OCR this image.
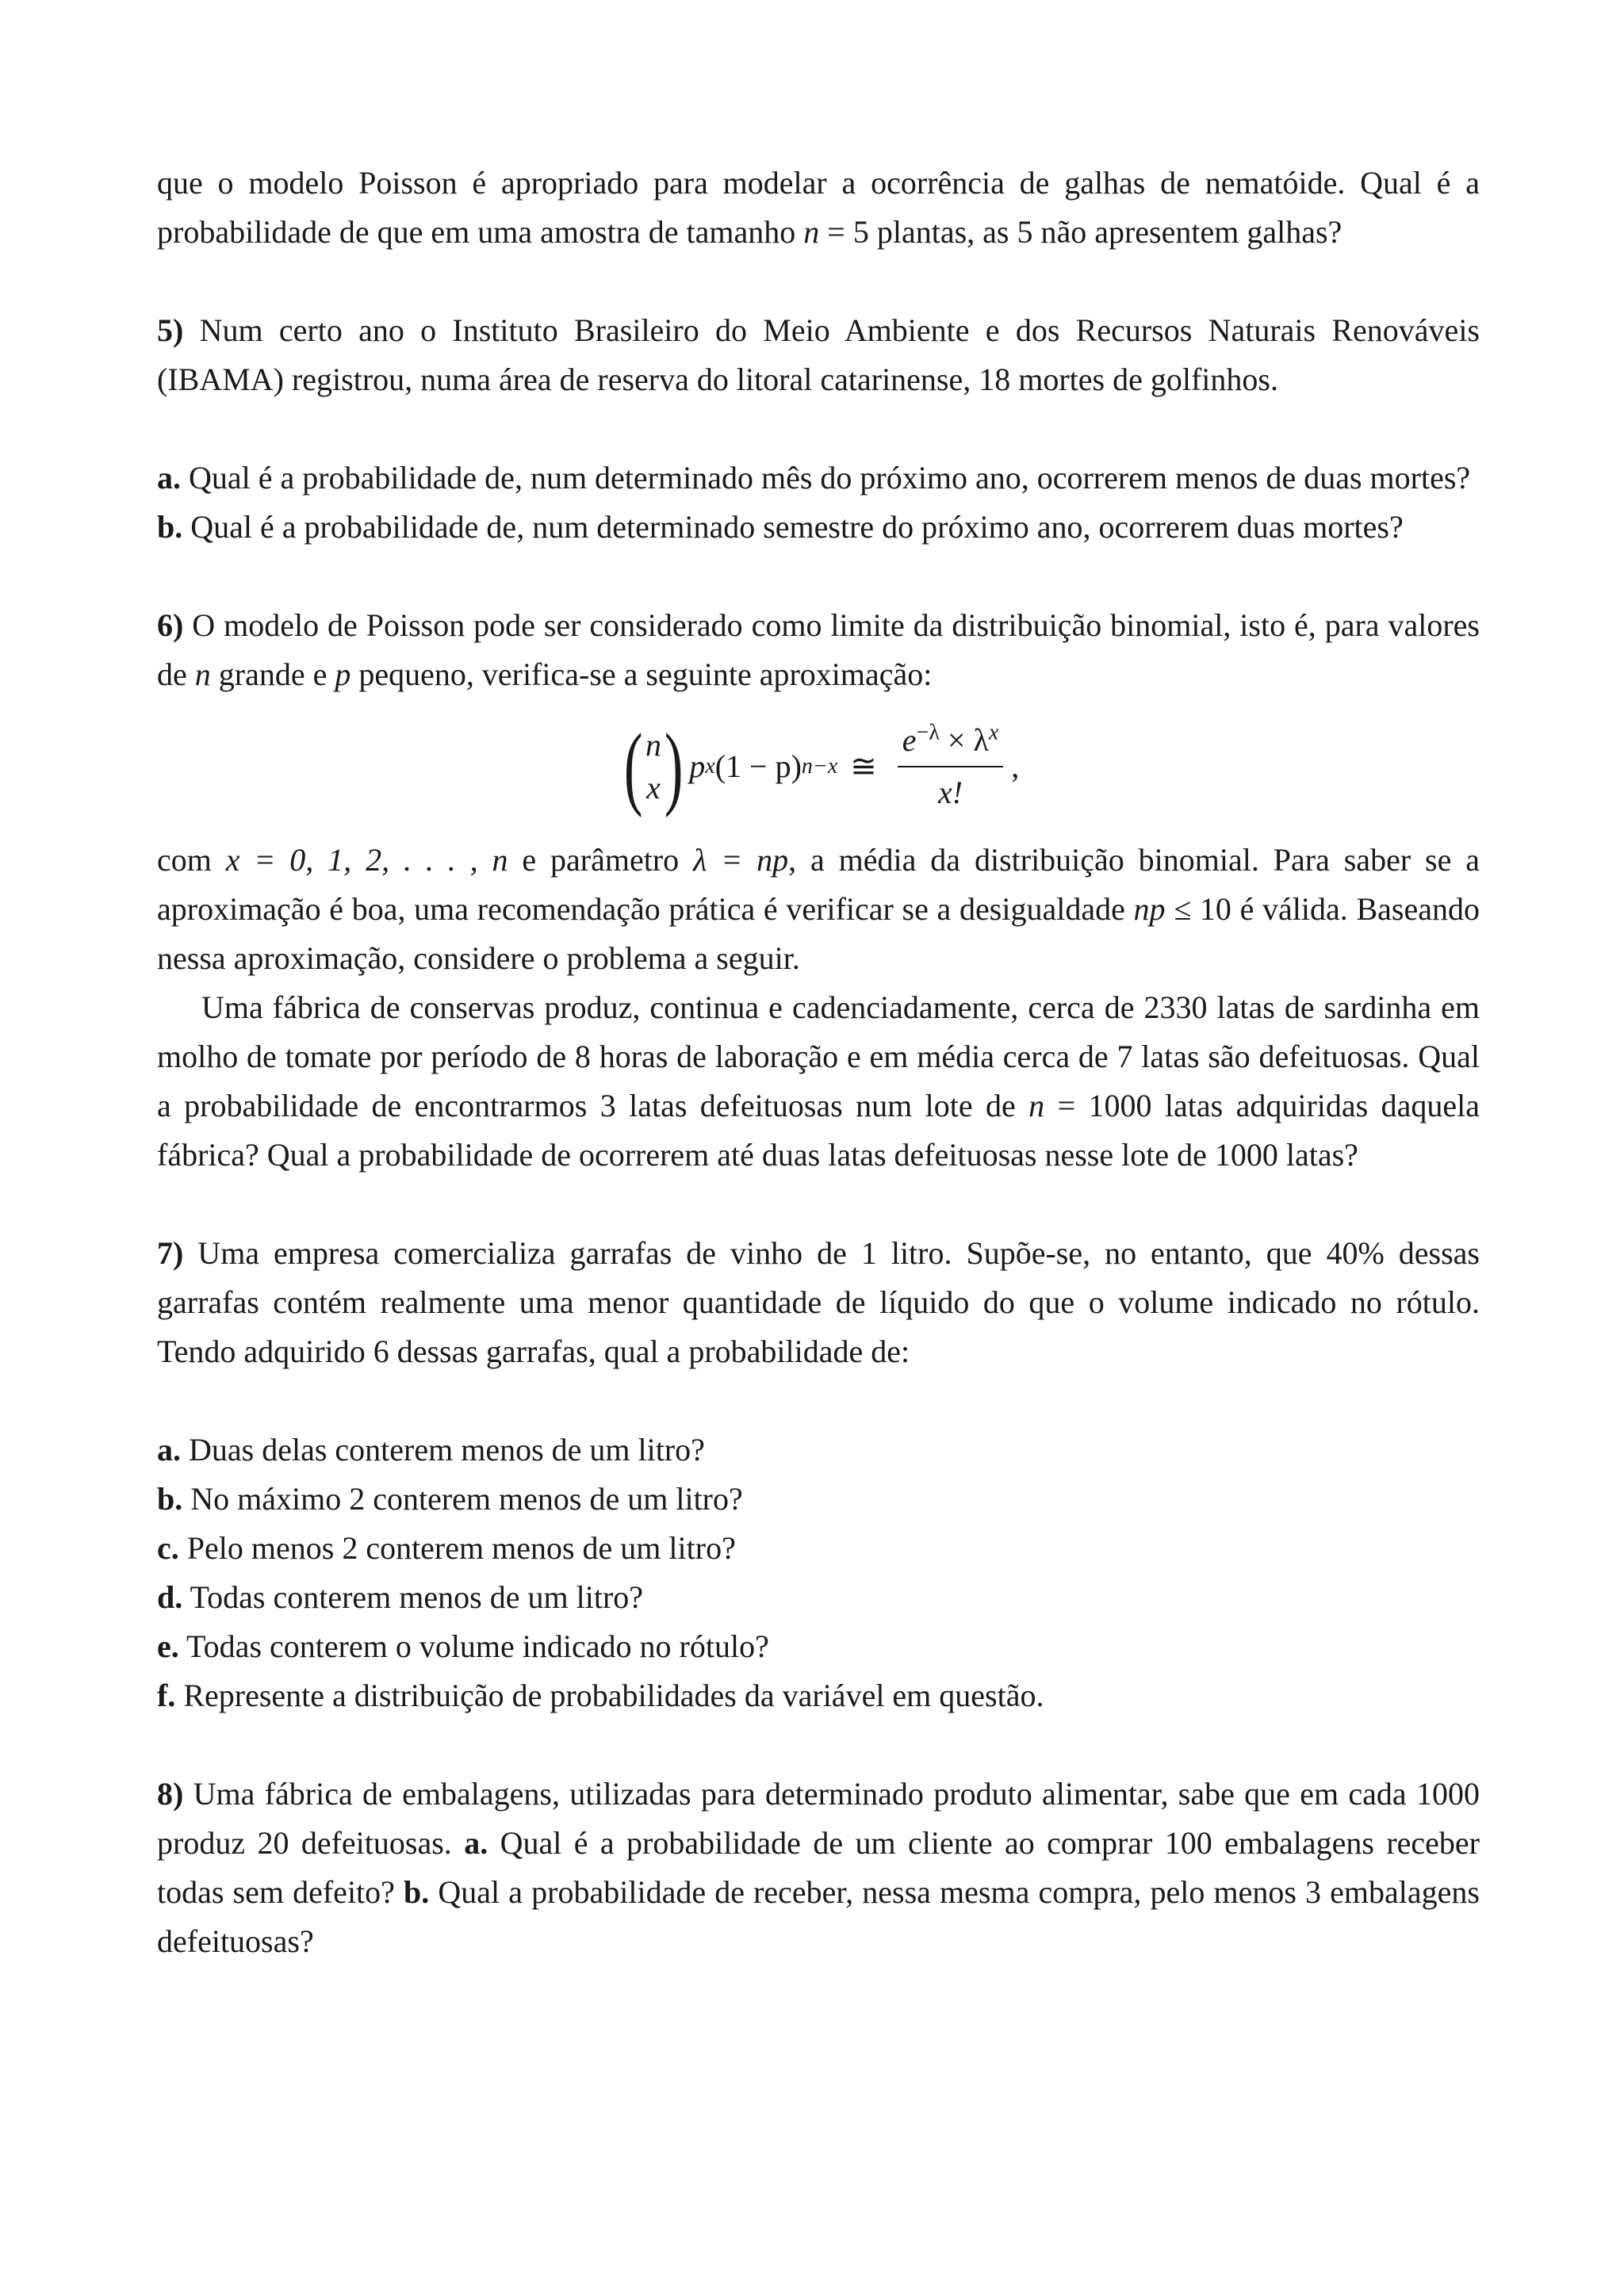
que o modelo Poisson é apropriado para modelar a ocorrência de galhas de nematóide. Qual é a probabilidade de que em uma amostra de tamanho n = 5 plantas, as 5 não apresentem galhas?

5) Num certo ano o Instituto Brasileiro do Meio Ambiente e dos Recursos Naturais Renováveis (IBAMA) registrou, numa área de reserva do litoral catarinense, 18 mortes de golfinhos.

a. Qual é a probabilidade de, num determinado mês do próximo ano, ocorrerem menos de duas mortes?

b. Qual é a probabilidade de, num determinado semestre do próximo ano, ocorrerem duas mortes?

6) O modelo de Poisson pode ser considerado como limite da distribuição binomial, isto é, para valores de n grande e p pequeno, verifica-se a seguinte aproximação:

( n
x ) p x (1 − p) n−x ≅ $\frac{e^{-\lambda} \times \lambda^x}{x!}$ ,

com x = 0, 1, 2, . . . , n e parâmetro λ = np, a média da distribuição binomial. Para saber se a aproximação é boa, uma recomendação prática é verificar se a desigualdade np ≤ 10 é válida. Baseando nessa aproximação, considere o problema a seguir.

Uma fábrica de conservas produz, continua e cadenciadamente, cerca de 2330 latas de sardinha em molho de tomate por período de 8 horas de laboração e em média cerca de 7 latas são defeituosas. Qual a probabilidade de encontrarmos 3 latas defeituosas num lote de n = 1000 latas adquiridas daquela fábrica? Qual a probabilidade de ocorrerem até duas latas defeituosas nesse lote de 1000 latas?

7) Uma empresa comercializa garrafas de vinho de 1 litro. Supõe-se, no entanto, que 40% dessas garrafas contém realmente uma menor quantidade de líquido do que o volume indicado no rótulo. Tendo adquirido 6 dessas garrafas, qual a probabilidade de:

a. Duas delas conterem menos de um litro?

b. No máximo 2 conterem menos de um litro?

c. Pelo menos 2 conterem menos de um litro?

d. Todas conterem menos de um litro?

e. Todas conterem o volume indicado no rótulo?

f. Represente a distribuição de probabilidades da variável em questão.

8) Uma fábrica de embalagens, utilizadas para determinado produto alimentar, sabe que em cada 1000 produz 20 defeituosas. a. Qual é a probabilidade de um cliente ao comprar 100 embalagens receber todas sem defeito? b. Qual a probabilidade de receber, nessa mesma compra, pelo menos 3 embalagens defeituosas?
